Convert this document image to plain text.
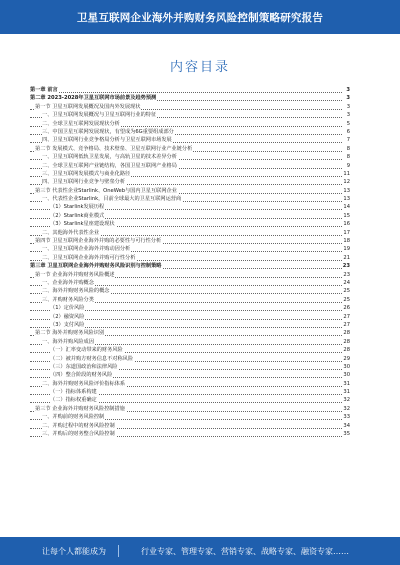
卫星互联网企业海外并购财务风险控制策略研究报告
内容目录
第一章 前言	3
第二章 2023-2028年卫星互联网市场前景及趋势预测	3
第一节 卫星互联网发展概况及国内外发展现状	3
一、卫星互联网发展概况与卫星互联网行业的特征	3
二、全球卫星互联网发展现状分析	5
三、中国卫星互联网发展现状，有望成为6G重要组成部分	6
四、卫星互联网行业竞争格局分析与卫星互联网市场发展	7
第二节 发展模式、竞争格局、技术壁垒、卫星互联网行业产业链分析	8
一、卫星互联网低轨卫星发展，与高轨卫星的技术差异分析	8
二、全球卫星互联网产业链结构，各国卫星互联网产业格局	9
三、卫星互联网发展模式与商业化路径	11
四、卫星互联网行业竞争与壁垒分析	12
第三节 代表性企业Starlink、OneWeb与国内卫星互联网企业	13
一、代表性企业Starlink，目前全球最大的卫星互联网运营商	13
（1）Starlink发展历程	14
（2）Starlink商业模式	15
（3）Starlink星座建设现状	16
二、其他海外代表性企业	17
第四节 卫星互联网企业海外并购的必要性与可行性分析	18
一、卫星互联网企业海外并购动因分析	19
二、卫星互联网企业海外并购可行性分析	21
第三章 卫星互联网企业海外并购财务风险识别与控制策略	23
第一节 企业海外并购财务风险概述	23
一、企业海外并购概念	24
二、海外并购财务风险的概念	25
三、并购财务风险分类	25
（1）定价风险	26
（2）融资风险	27
（3）支付风险	27
第二节 海外并购财务风险识别	28
一、海外并购风险成因	28
（一）汇率变动带来的财务风险	28
（二）被并购方财务信息不对称风险	29
（三）东道国政治和法律风险	30
（四）整合阶段的财务风险	30
二、海外并购财务风险评价指标体系	31
（一）指标体系构建	31
（二）指标权重确定	32
第三节 企业海外并购财务风险控制措施	32
一、并购前的财务风险控制	33
二、并购过程中的财务风险控制	34
三、并购后的财务整合风险控制	35
让每个人都能成为	行业专家、管理专家、营销专家、战略专家、融资专家……
